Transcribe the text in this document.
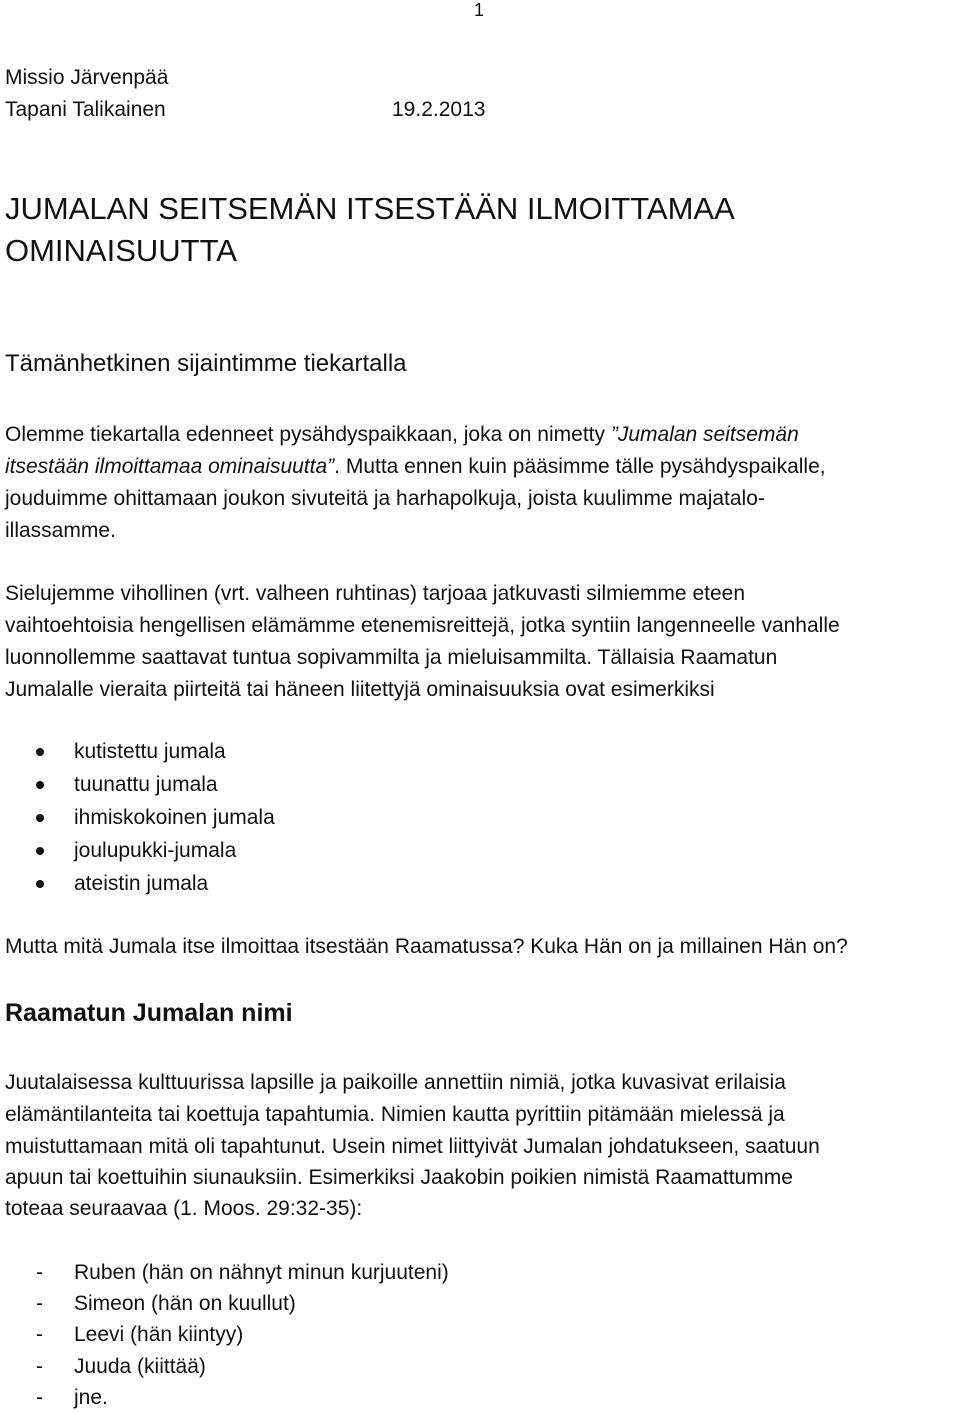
1
Missio Järvenpää
Tapani Talikainen	19.2.2013
JUMALAN SEITSEMÄN ITSESTÄÄN ILMOITTAMAA
OMINAISUUTTA
Tämänhetkinen sijaintimme tiekartalla
Olemme tiekartalla edenneet pysähdyspaikkaan, joka on nimetty ”Jumalan seitsemän
itsestään ilmoittamaa ominaisuutta”. Mutta ennen kuin pääsimme tälle pysähdyspaikalle,
jouduimme ohittamaan joukon sivuteitä ja harhapolkuja, joista kuulimme majatalo-
illassamme.
Sielujemme vihollinen (vrt. valheen ruhtinas) tarjoaa jatkuvasti silmiemme eteen
vaihtoehtoisia hengellisen elämämme etenemisreittejä, jotka syntiin langenneelle vanhalle
luonnollemme saattavat tuntua sopivammilta ja mieluisammilta. Tällaisia Raamatun
Jumalalle vieraita piirteitä tai häneen liitettyjä ominaisuuksia ovat esimerkiksi
kutistettu jumala
tuunattu jumala
ihmiskokoinen jumala
joulupukki-jumala
ateistin jumala
Mutta mitä Jumala itse ilmoittaa itsestään Raamatussa? Kuka Hän on ja millainen Hän on?
Raamatun Jumalan nimi
Juutalaisessa kulttuurissa lapsille ja paikoille annettiin nimiä, jotka kuvasivat erilaisia
elämäntilanteita tai koettuja tapahtumia. Nimien kautta pyrittiin pitämään mielessä ja
muistuttamaan mitä oli tapahtunut. Usein nimet liittyivät Jumalan johdatukseen, saatuun
apuun tai koettuihin siunauksiin. Esimerkiksi Jaakobin poikien nimistä Raamattumme
toteaa seuraavaa (1. Moos. 29:32-35):
- Ruben (hän on nähnyt minun kurjuuteni)
- Simeon (hän on kuullut)
- Leevi (hän kiintyy)
- Juuda (kiittää)
- jne.
